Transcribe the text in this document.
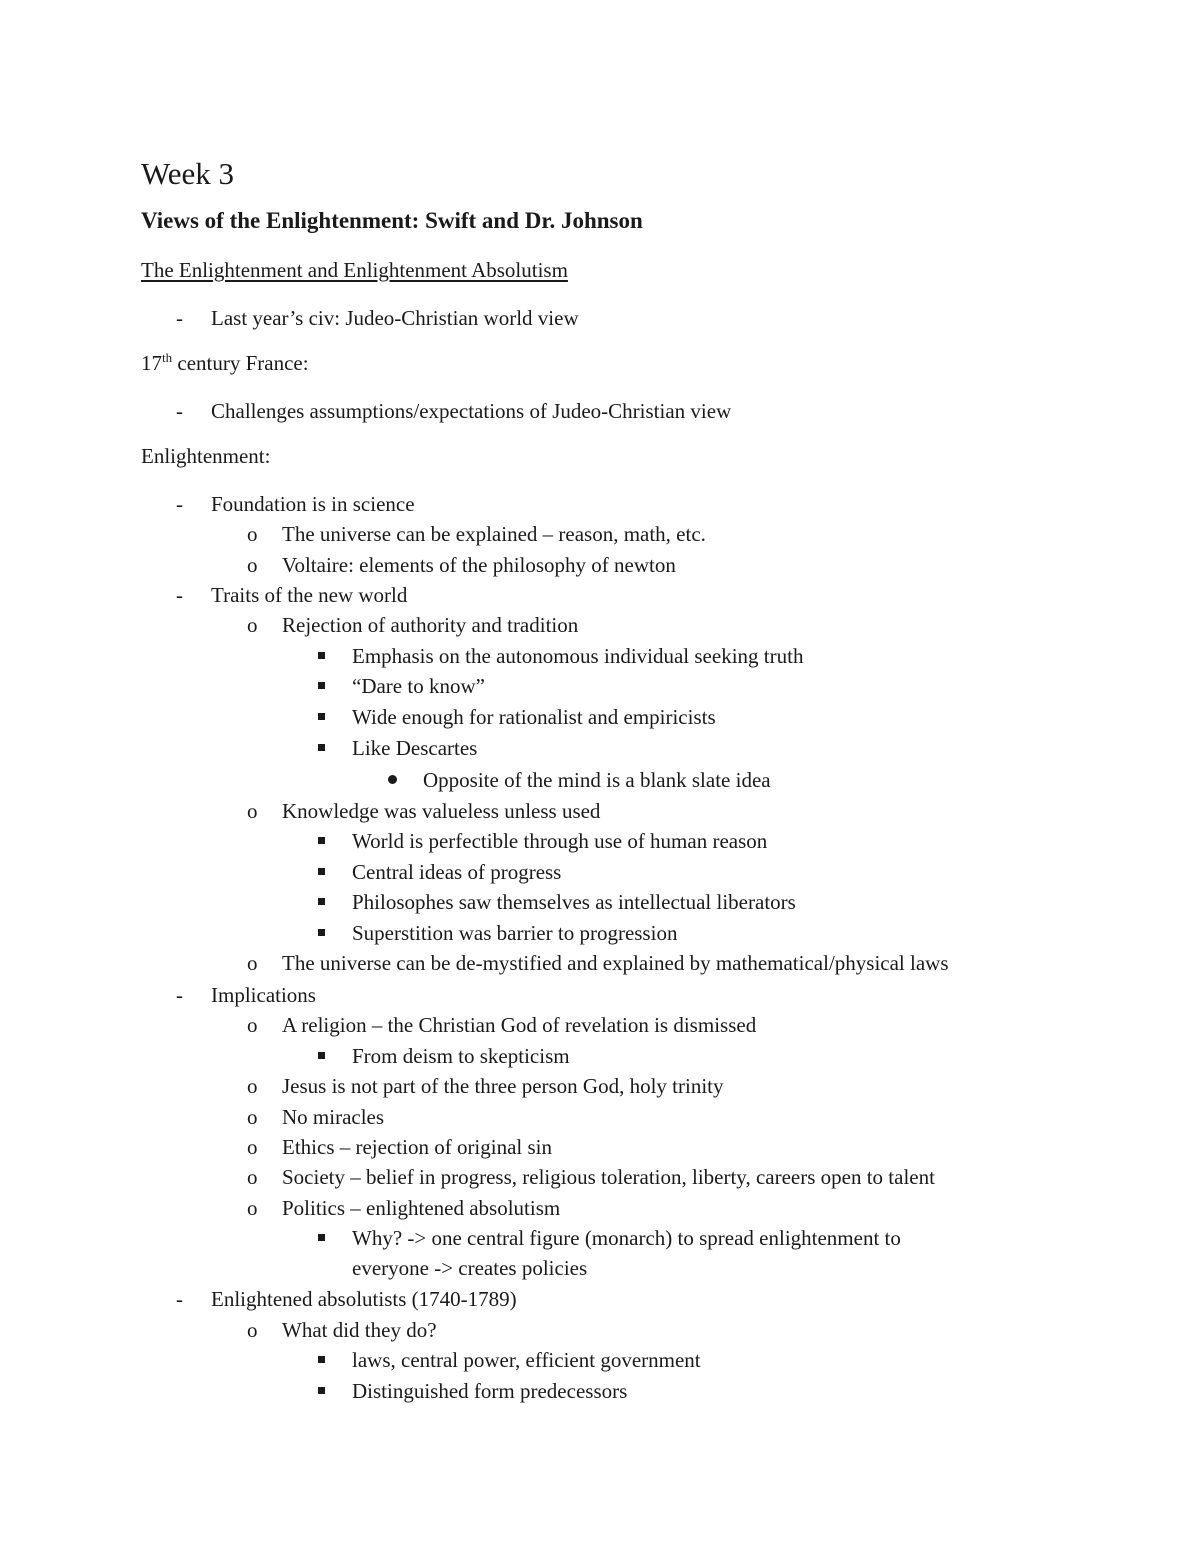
Week 3
Views of the Enlightenment: Swift and Dr. Johnson
The Enlightenment and Enlightenment Absolutism
- Last year’s civ: Judeo-Christian world view
17th century France:
- Challenges assumptions/expectations of Judeo-Christian view
Enlightenment:
- Foundation is in science
o The universe can be explained – reason, math, etc.
o Voltaire: elements of the philosophy of newton
- Traits of the new world
o Rejection of authority and tradition
Emphasis on the autonomous individual seeking truth
“Dare to know”
Wide enough for rationalist and empiricists
Like Descartes
Opposite of the mind is a blank slate idea
o Knowledge was valueless unless used
World is perfectible through use of human reason
Central ideas of progress
Philosophes saw themselves as intellectual liberators
Superstition was barrier to progression
o The universe can be de-mystified and explained by mathematical/physical laws
- Implications
o A religion – the Christian God of revelation is dismissed
From deism to skepticism
o Jesus is not part of the three person God, holy trinity
o No miracles
o Ethics – rejection of original sin
o Society – belief in progress, religious toleration, liberty, careers open to talent
o Politics – enlightened absolutism
Why? -> one central figure (monarch) to spread enlightenment to
everyone -> creates policies
- Enlightened absolutists (1740-1789)
o What did they do?
laws, central power, efficient government
Distinguished form predecessors
